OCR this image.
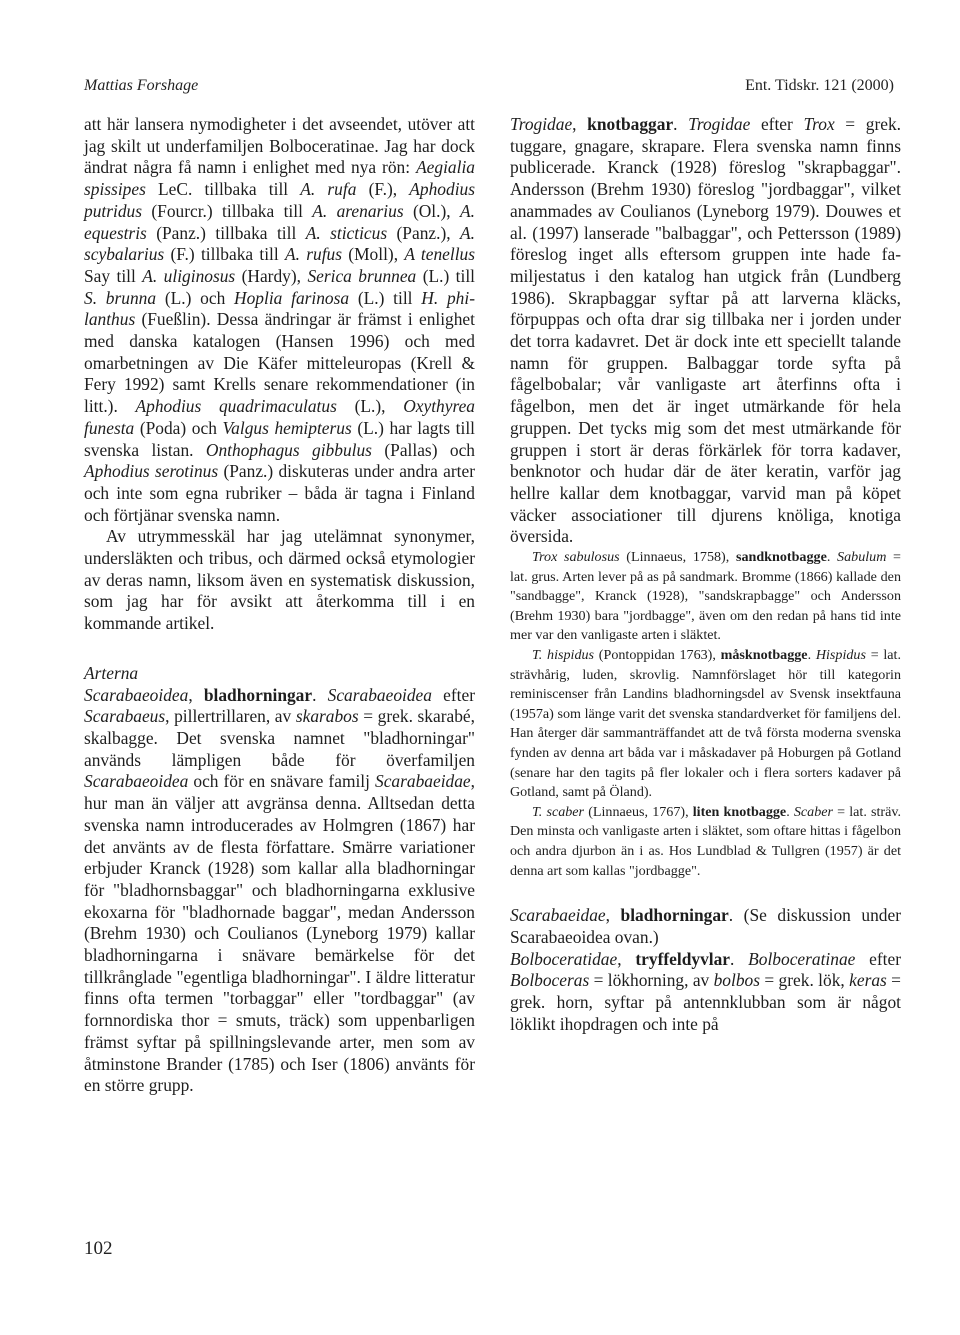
Mattias Forshage	Ent. Tidskr. 121 (2000)

att här lansera nymodigheter i det avseendet, utöver att jag skilt ut underfamiljen Bolboceratinae. Jag har dock ändrat några få namn i enlighet med nya rön: Aegialia spissipes LeC. tillbaka till A. rufa (F.), Aphodius putridus (Fourcr.) tillbaka till A. arenarius (Ol.), A. equestris (Panz.) tillbaka till A. sticticus (Panz.), A. scybalarius (F.) tillbaka till A. rufus (Moll), A tenellus Say till A. uliginosus (Hardy), Serica brunnea (L.) till S. brunna (L.) och Hoplia farinosa (L.) till H. philanthus (Fueßlin). Dessa ändringar är främst i enlighet med danska katalogen (Hansen 1996) och med omarbetningen av Die Käfer mitteleuropas (Krell & Fery 1992) samt Krells senare rekommendationer (in litt.). Aphodius quadrimaculatus (L.), Oxythyrea funesta (Poda) och Valgus hemipterus (L.) har lagts till svenska listan. Onthophagus gibbulus (Pallas) och Aphodius serotinus (Panz.) diskuteras under andra arter och inte som egna rubriker – båda är tagna i Finland och förtjänar svenska namn.

Av utrymmesskäl har jag utelämnat synonymer, undersläkten och tribus, och därmed också etymologier av deras namn, liksom även en systematisk diskussion, som jag har för avsikt att återkomma till i en kommande artikel.

Arterna

Scarabaeoidea, bladhorningar. Scarabaeoidea efter Scarabaeus, pillertrillaren, av skarabos = grek. skarabé, skalbagge. Det svenska namnet "bladhorningar" används lämpligen både för överfamiljen Scarabaeoidea och för en snävare familj Scarabaeidae, hur man än väljer att avgränsa denna. Alltsedan detta svenska namn introducerades av Holmgren (1867) har det använts av de flesta författare. Smärre variationer erbjuder Kranck (1928) som kallar alla bladhorningar för "bladhornsbaggar" och bladhorningarna exklusive ekoxarna för "bladhornade baggar", medan Andersson (Brehm 1930) och Coulianos (Lyneborg 1979) kallar bladhorningarna i snävare bemärkelse för det tillkrånglade "egentliga bladhorningar". I äldre litteratur finns ofta termen "torbaggar" eller "tordbaggar" (av fornnordiska thor = smuts, träck) som uppenbarligen främst syftar på spillningslevande arter, men som av åtminstone Brander (1785) och Iser (1806) använts för en större grupp.

Trogidae, knotbaggar. Trogidae efter Trox = grek. tuggare, gnagare, skrapare. Flera svenska namn finns publicerade. Kranck (1928) föreslog "skrapbaggar". Andersson (Brehm 1930) föreslog "jordbaggar", vilket anammades av Coulianos (Lyneborg 1979). Douwes et al. (1997) lanserade "balbaggar", och Pettersson (1989) föreslog inget alls eftersom gruppen inte hade familjestatus i den katalog han utgick från (Lundberg 1986). Skrapbaggar syftar på att larverna kläcks, förpuppas och ofta drar sig tillbaka ner i jorden under det torra kadavret. Det är dock inte ett speciellt talande namn för gruppen. Balbaggar torde syfta på fågelbobalar; vår vanligaste art återfinns ofta i fågelbon, men det är inget utmärkande för hela gruppen. Det tycks mig som det mest utmärkande för gruppen i stort är deras förkärlek för torra kadaver, benknotor och hudar där de äter keratin, varför jag hellre kallar dem knotbaggar, varvid man på köpet väcker associationer till djurens knöliga, knotiga översida.

Trox sabulosus (Linnaeus, 1758), sandknotbagge. Sabulum = lat. grus. Arten lever på as på sandmark. Bromme (1866) kallade den "sandbagge", Kranck (1928), "sandskrapbagge" och Andersson (Brehm 1930) bara "jordbagge", även om den redan på hans tid inte mer var den vanligaste arten i släktet.

T. hispidus (Pontoppidan 1763), måsknotbagge. Hispidus = lat. strävhårig, luden, skrovlig. Namnförslaget hör till kategorin reminiscenser från Landins bladhorningsdel av Svensk insektfauna (1957a) som länge varit det svenska standardverket för familjens del. Han återger där sammanträffandet att de två första moderna svenska fynden av denna art båda var i måskadaver på Hoburgen på Gotland (senare har den tagits på fler lokaler och i flera sorters kadaver på Gotland, samt på Öland).

T. scaber (Linnaeus, 1767), liten knotbagge. Scaber = lat. sträv. Den minsta och vanligaste arten i släktet, som oftare hittas i fågelbon och andra djurbon än i as. Hos Lundblad & Tullgren (1957) är det denna art som kallas "jordbagge".

Scarabaeidae, bladhorningar. (Se diskussion under Scarabaeoidea ovan.)

Bolboceratidae, tryffeldyvlar. Bolboceratinae efter Bolboceras = lökhorning, av bolbos = grek. lök, keras = grek. horn, syftar på antennklubban som är något löklikt ihopdragen och inte på

102
